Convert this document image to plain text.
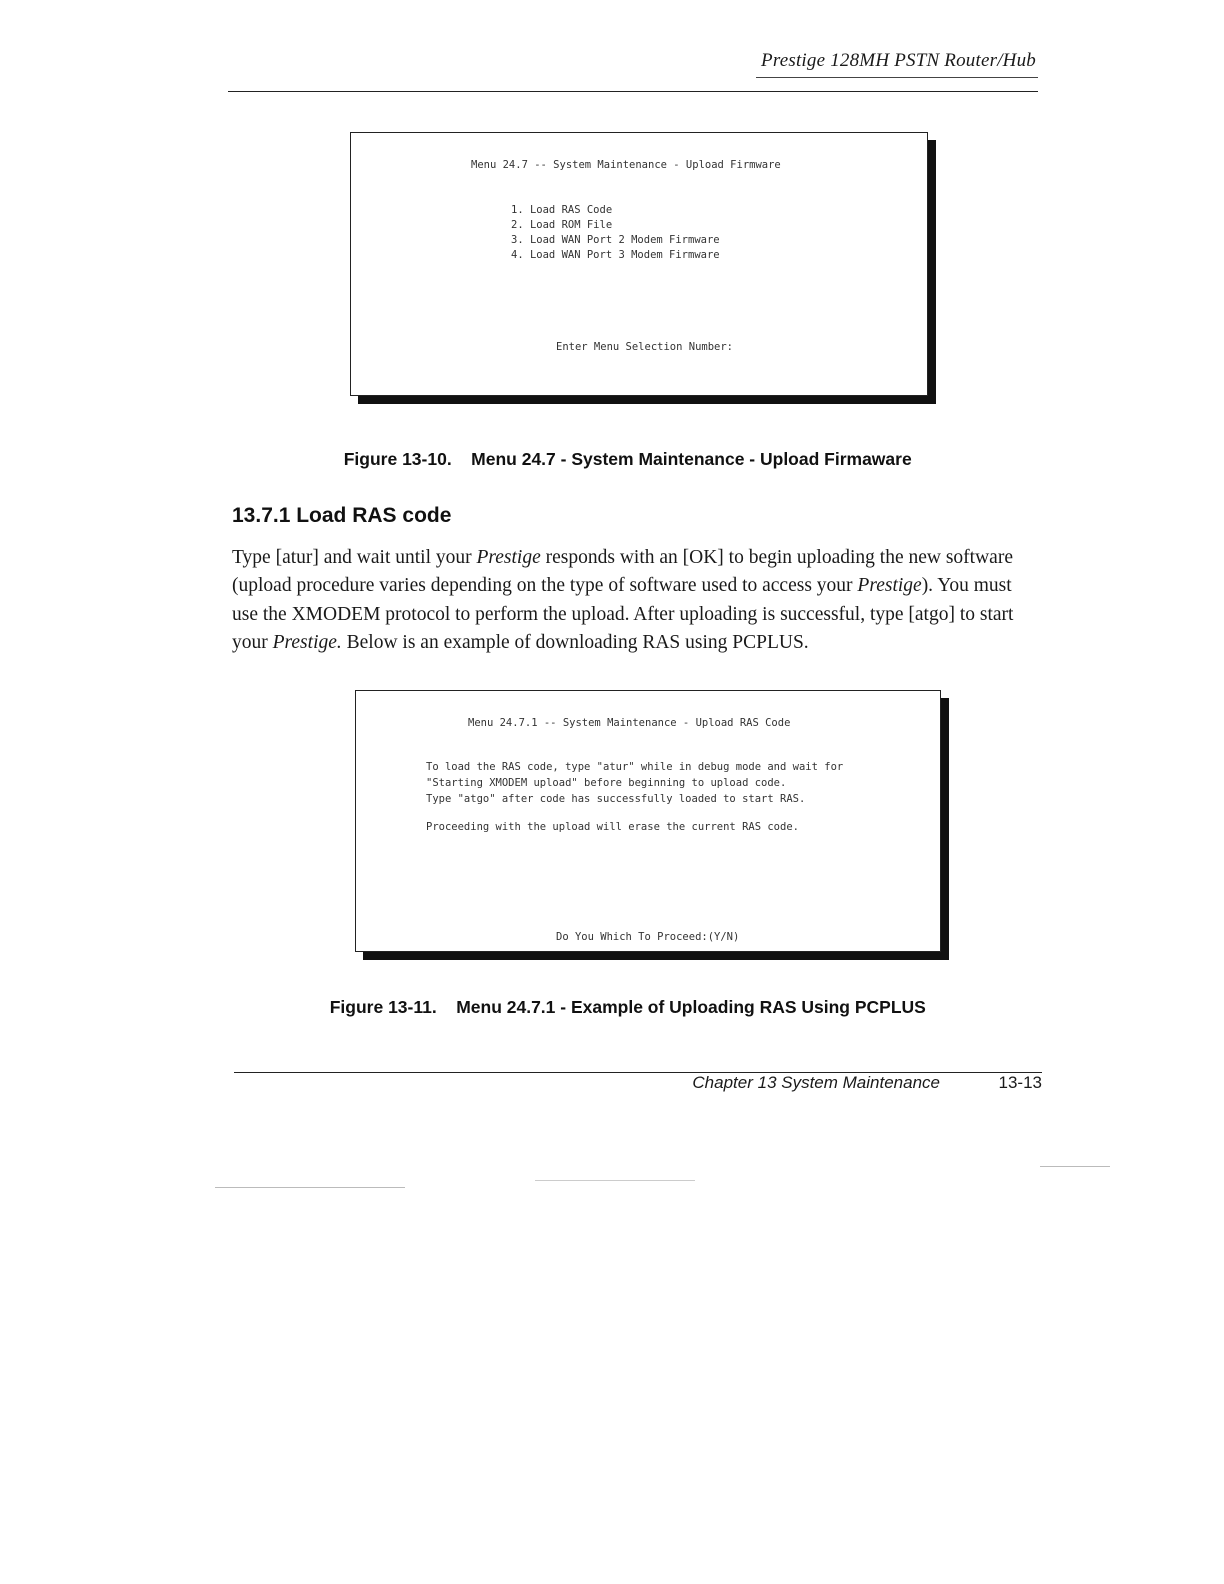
Prestige 128MH PSTN Router/Hub
Menu 24.7 -- System Maintenance - Upload Firmware
1. Load RAS Code
2. Load ROM File
3. Load WAN Port 2 Modem Firmware
4. Load WAN Port 3 Modem Firmware
Enter Menu Selection Number:

Figure 13-10. Menu 24.7 - System Maintenance - Upload Firmaware

13.7.1 Load RAS code
Type [atur] and wait until your Prestige responds with an [OK] to begin uploading the new software (upload procedure varies depending on the type of software used to access your Prestige). You must use the XMODEM protocol to perform the upload. After uploading is successful, type [atgo] to start your Prestige. Below is an example of downloading RAS using PCPLUS.
Menu 24.7.1 -- System Maintenance - Upload RAS Code
To load the RAS code, type "atur" while in debug mode and wait for
"Starting XMODEM upload" before beginning to upload code.
Type "atgo" after code has successfully loaded to start RAS.
Proceeding with the upload will erase the current RAS code.
Do You Which To Proceed:(Y/N)

Figure 13-11. Menu 24.7.1 - Example of Uploading RAS Using PCPLUS

Chapter 13 System Maintenance	13-13
